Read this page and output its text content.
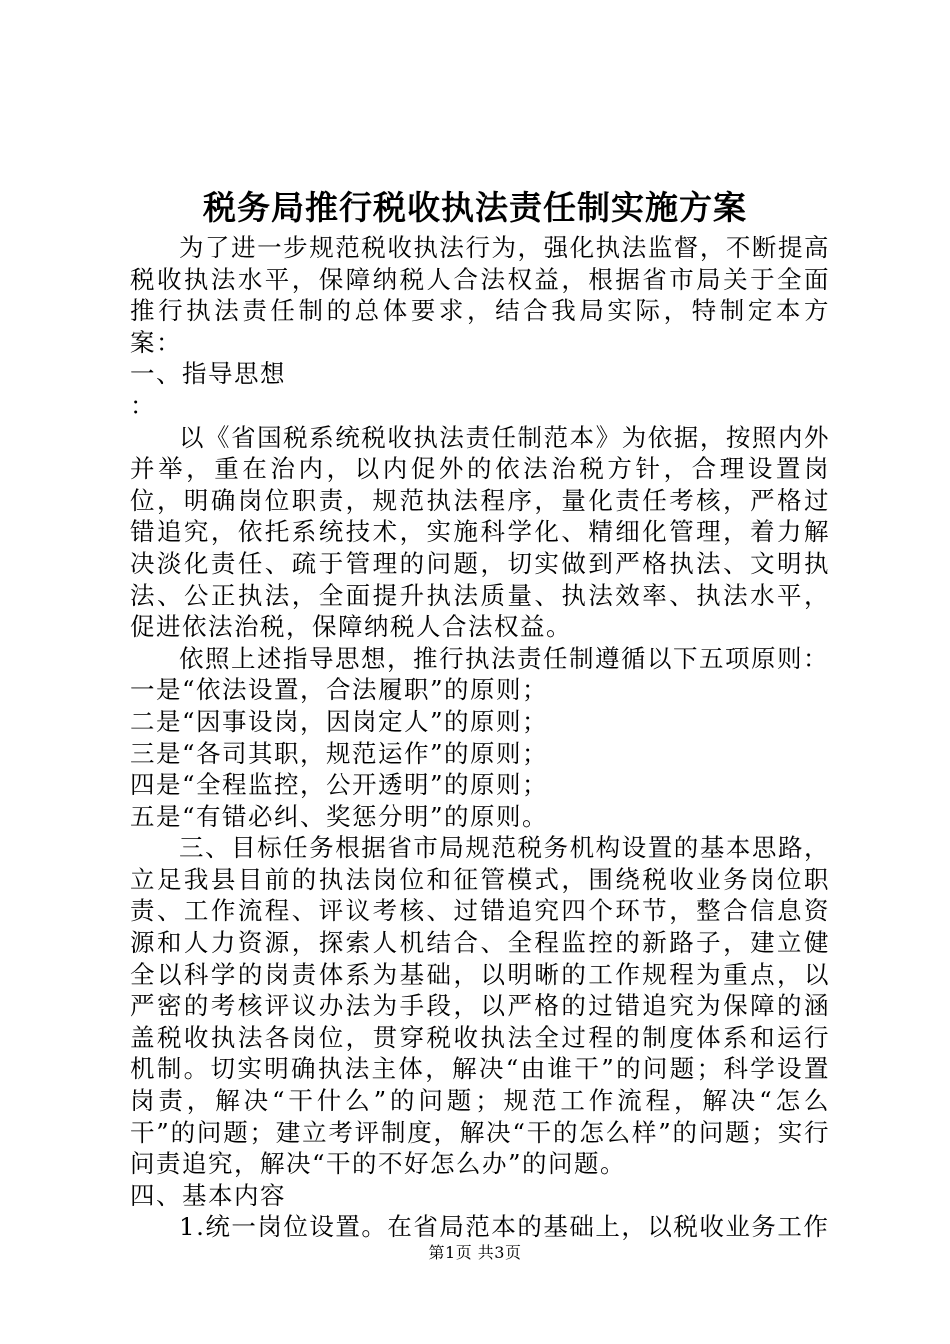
税务局推行税收执法责任制实施方案

为了进一步规范税收执法行为，强化执法监督，不断提高税收执法水平，保障纳税人合法权益，根据省市局关于全面推行执法责任制的总体要求，结合我局实际，特制定本方案：

一、指导思想

：

以《省国税系统税收执法责任制范本》为依据，按照内外并举，重在治内，以内促外的依法治税方针，合理设置岗位，明确岗位职责，规范执法程序，量化责任考核，严格过错追究，依托系统技术，实施科学化、精细化管理，着力解决淡化责任、疏于管理的问题，切实做到严格执法、文明执法、公正执法，全面提升执法质量、执法效率、执法水平，促进依法治税，保障纳税人合法权益。

依照上述指导思想，推行执法责任制遵循以下五项原则：

一是“依法设置，合法履职”的原则；

二是“因事设岗，因岗定人”的原则；

三是“各司其职，规范运作”的原则；

四是“全程监控，公开透明”的原则；

五是“有错必纠、奖惩分明”的原则。

三、目标任务根据省市局规范税务机构设置的基本思路，立足我县目前的执法岗位和征管模式，围绕税收业务岗位职责、工作流程、评议考核、过错追究四个环节，整合信息资源和人力资源，探索人机结合、全程监控的新路子，建立健全以科学的岗责体系为基础，以明晰的工作规程为重点，以严密的考核评议办法为手段，以严格的过错追究为保障的涵盖税收执法各岗位，贯穿税收执法全过程的制度体系和运行机制。切实明确执法主体，解决“由谁干”的问题；科学设置岗责，解决“干什么”的问题；规范工作流程，解决“怎么干”的问题；建立考评制度，解决“干的怎么样”的问题；实行问责追究，解决“干的不好怎么办”的问题。

四、基本内容

1.统一岗位设置。在省局范本的基础上，以税收业务工作

第1页 共3页
